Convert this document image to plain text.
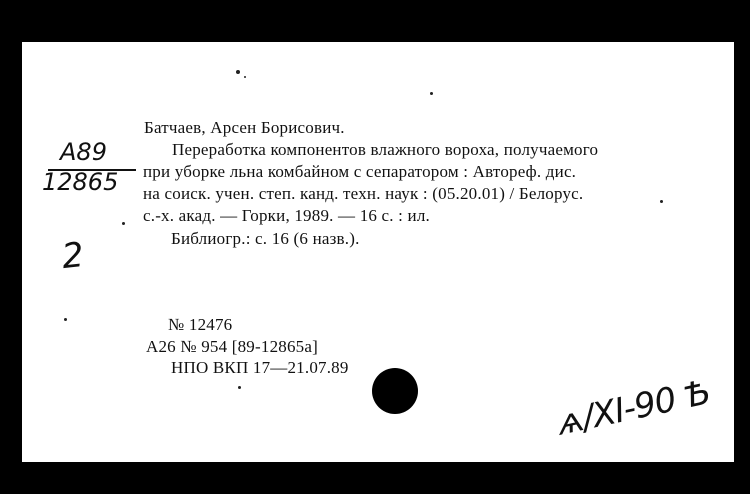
A89
12865
2
Батчаев, Арсен Борисович.
Переработка компонентов влажного вороха, получаемого
при уборке льна комбайном с сепаратором : Автореф. дис.
на соиск. учен. степ. канд. техн. наук : (05.20.01) / Белорус.
с.-х. акад. — Горки, 1989. — 16 с. : ил.
Библиогр.: с. 16 (6 назв.).
№ 12476
А26 № 954 [89-12865а]
НПО ВКП 17—21.07.89
ѧ/XI-90 Ѣ
